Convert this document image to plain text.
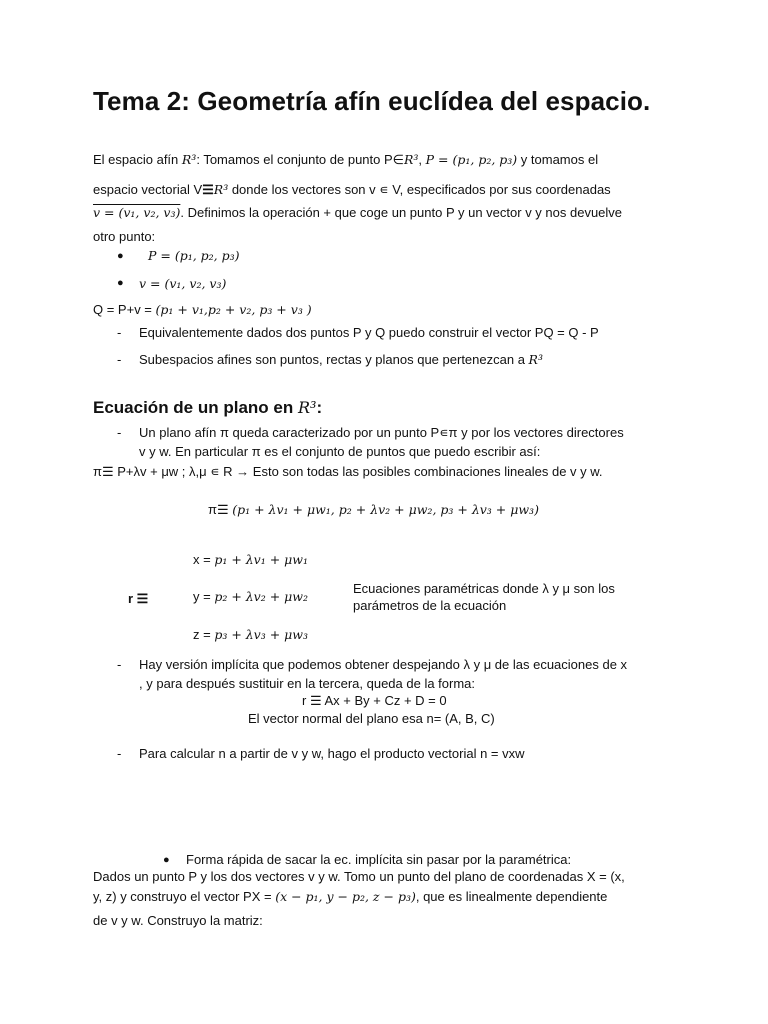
Tema 2: Geometría afín euclídea del espacio.
El espacio afín R³: Tomamos el conjunto de punto P∈R³, P = (p₁, p₂, p₃) y tomamos el
espacio vectorial V☰R³ donde los vectores son v ∊ V, especificados por sus coordenadas
v = (v₁, v₂, v₃). Definimos la operación + que coge un punto P y un vector v y nos devuelve
otro punto:
● P = (p₁, p₂, p₃)
● v = (v₁, v₂, v₃)
Q = P+v = (p₁ + v₁,p₂ + v₂, p₃ + v₃ )
- Equivalentemente dados dos puntos P y Q puedo construir el vector PQ = Q - P
- Subespacios afines son puntos, rectas y planos que pertenezcan a R³
Ecuación de un plano en R³:
- Un plano afín π queda caracterizado por un punto P∊π y por los vectores directores
v y w. En particular π es el conjunto de puntos que puedo escribir así:
π☰ P+λv + μw ; λ,μ ∊ R → Esto son todas las posibles combinaciones lineales de v y w.
π☰ (p₁ + λv₁ + μw₁, p₂ + λv₂ + μw₂, p₃ + λv₃ + μw₃)
x = p₁ + λv₁ + μw₁
r ☰	y = p₂ + λv₂ + μw₂
Ecuaciones paramétricas donde λ y μ son los
parámetros de la ecuación
z = p₃ + λv₃ + μw₃
- Hay versión implícita que podemos obtener despejando λ y μ de las ecuaciones de x
, y para después sustituir en la tercera, queda de la forma:
r ☰ Ax + By + Cz + D = 0
El vector normal del plano esa n= (A, B, C)
- Para calcular n a partir de v y w, hago el producto vectorial n = vxw
● Forma rápida de sacar la ec. implícita sin pasar por la paramétrica:
Dados un punto P y los dos vectores v y w. Tomo un punto del plano de coordenadas X = (x,
y, z) y construyo el vector PX = (x − p₁, y − p₂, z − p₃), que es linealmente dependiente
de v y w. Construyo la matriz:
